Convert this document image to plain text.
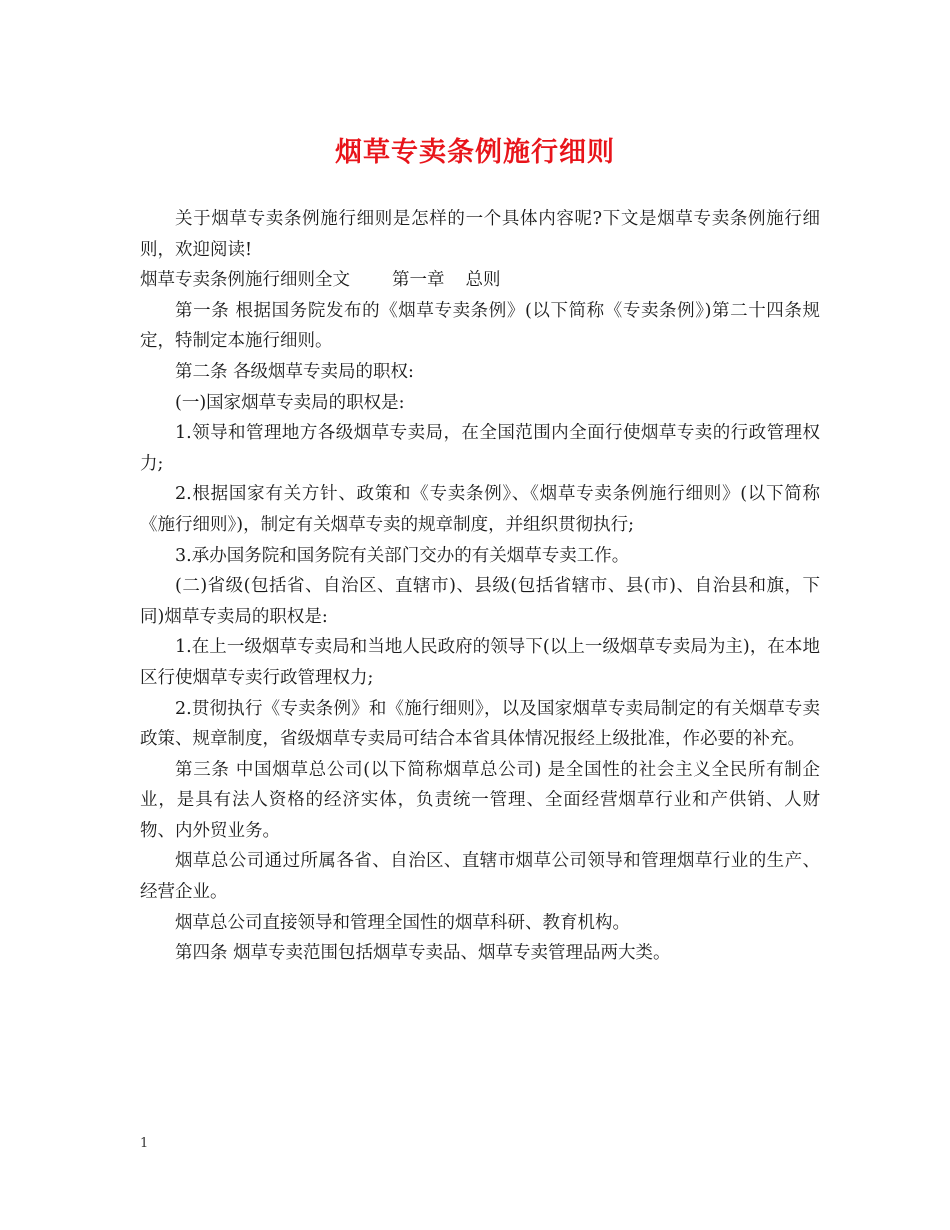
烟草专卖条例施行细则

关于烟草专卖条例施行细则是怎样的一个具体内容呢?下文是烟草专卖条例施行细则，欢迎阅读!

烟草专卖条例施行细则全文 第一章 总则

第一条 根据国务院发布的《烟草专卖条例》(以下简称《专卖条例》)第二十四条规定，特制定本施行细则。

第二条 各级烟草专卖局的职权:

(一)国家烟草专卖局的职权是:

1.领导和管理地方各级烟草专卖局，在全国范围内全面行使烟草专卖的行政管理权力;

2.根据国家有关方针、政策和《专卖条例》、《烟草专卖条例施行细则》(以下简称《施行细则》)，制定有关烟草专卖的规章制度，并组织贯彻执行;

3.承办国务院和国务院有关部门交办的有关烟草专卖工作。

(二)省级(包括省、自治区、直辖市)、县级(包括省辖市、县(市)、自治县和旗，下同)烟草专卖局的职权是:

1.在上一级烟草专卖局和当地人民政府的领导下(以上一级烟草专卖局为主)，在本地区行使烟草专卖行政管理权力;

2.贯彻执行《专卖条例》和《施行细则》，以及国家烟草专卖局制定的有关烟草专卖政策、规章制度，省级烟草专卖局可结合本省具体情况报经上级批准，作必要的补充。

第三条 中国烟草总公司(以下简称烟草总公司) 是全国性的社会主义全民所有制企业，是具有法人资格的经济实体，负责统一管理、全面经营烟草行业和产供销、人财物、内外贸业务。

烟草总公司通过所属各省、自治区、直辖市烟草公司领导和管理烟草行业的生产、经营企业。

烟草总公司直接领导和管理全国性的烟草科研、教育机构。

第四条 烟草专卖范围包括烟草专卖品、烟草专卖管理品两大类。

1
